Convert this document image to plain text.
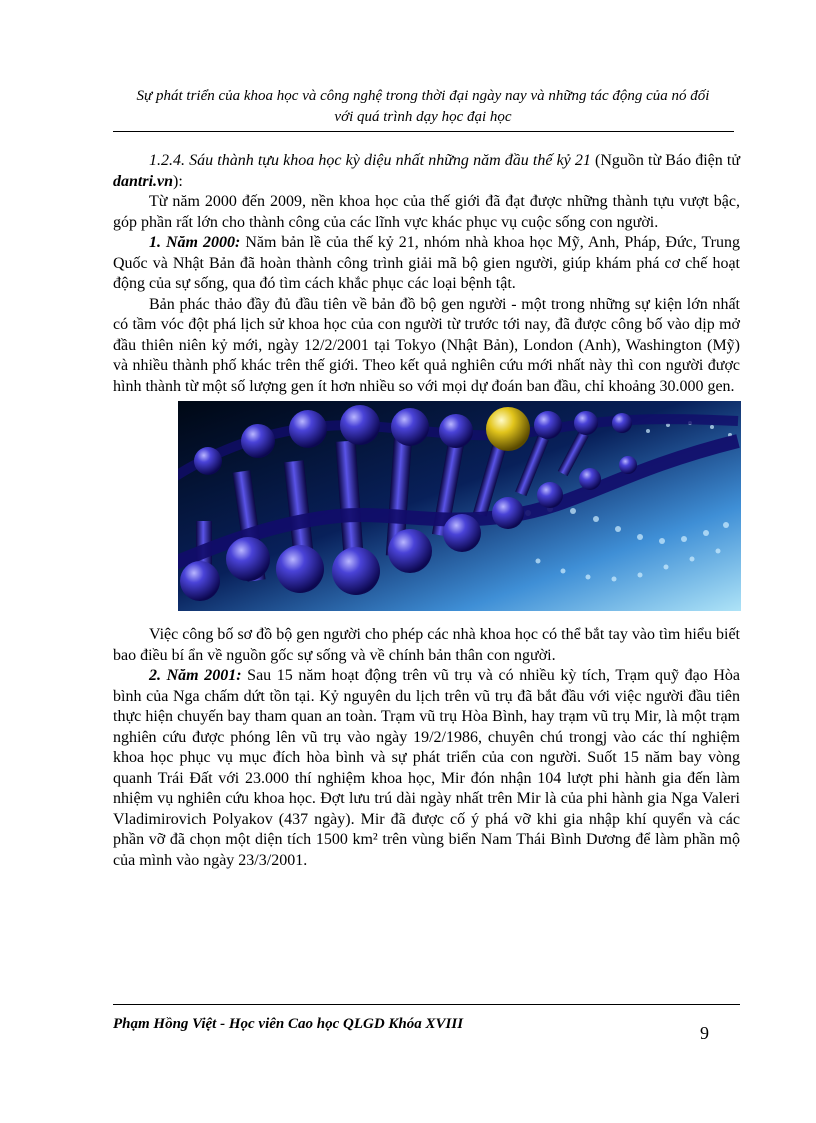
Sự phát triển của khoa học và công nghệ trong thời đại ngày nay và những tác động của nó đối
với quá trình dạy học đại học

1.2.4. Sáu thành tựu khoa học kỳ diệu nhất những năm đầu thế kỷ 21 (Nguồn từ Báo điện tử dantri.vn):

Từ năm 2000 đến 2009, nền khoa học của thế giới đã đạt được những thành tựu vượt bậc, góp phần rất lớn cho thành công của các lĩnh vực khác phục vụ cuộc sống con người.

1. Năm 2000: Năm bản lề của thế kỷ 21, nhóm nhà khoa học Mỹ, Anh, Pháp, Đức, Trung Quốc và Nhật Bản đã hoàn thành công trình giải mã bộ gien người, giúp khám phá cơ chế hoạt động của sự sống, qua đó tìm cách khắc phục các loại bệnh tật.

Bản phác thảo đầy đủ đầu tiên về bản đồ bộ gen người - một trong những sự kiện lớn nhất có tầm vóc đột phá lịch sử khoa học của con người từ trước tới nay, đã được công bố vào dịp mở đầu thiên niên kỷ mới, ngày 12/2/2001 tại Tokyo (Nhật Bản), London (Anh), Washington (Mỹ) và nhiều thành phố khác trên thế giới. Theo kết quả nghiên cứu mới nhất này thì con người được hình thành từ một số lượng gen ít hơn nhiều so với mọi dự đoán ban đầu, chỉ khoảng 30.000 gen.

Việc công bố sơ đồ bộ gen người cho phép các nhà khoa học có thể bắt tay vào tìm hiểu biết bao điều bí ẩn về nguồn gốc sự sống và về chính bản thân con người.

2. Năm 2001: Sau 15 năm hoạt động trên vũ trụ và có nhiều kỳ tích, Trạm quỹ đạo Hòa bình của Nga chấm dứt tồn tại. Kỷ nguyên du lịch trên vũ trụ đã bắt đầu với việc người đầu tiên thực hiện chuyến bay tham quan an toàn. Trạm vũ trụ Hòa Bình, hay trạm vũ trụ Mir, là một trạm nghiên cứu được phóng lên vũ trụ vào ngày 19/2/1986, chuyên chú trongj vào các thí nghiệm khoa học phục vụ mục đích hòa bình và sự phát triển của con người. Suốt 15 năm bay vòng quanh Trái Đất với 23.000 thí nghiệm khoa học, Mir đón nhận 104 lượt phi hành gia đến làm nhiệm vụ nghiên cứu khoa học. Đợt lưu trú dài ngày nhất trên Mir là của phi hành gia Nga Valeri Vladimirovich Polyakov (437 ngày). Mir đã được cố ý phá vỡ khi gia nhập khí quyển và các phần vỡ đã chọn một diện tích 1500 km² trên vùng biển Nam Thái Bình Dương để làm phần mộ của mình vào ngày 23/3/2001.

Phạm Hồng Việt - Học viên Cao học QLGD Khóa XVIII	9
